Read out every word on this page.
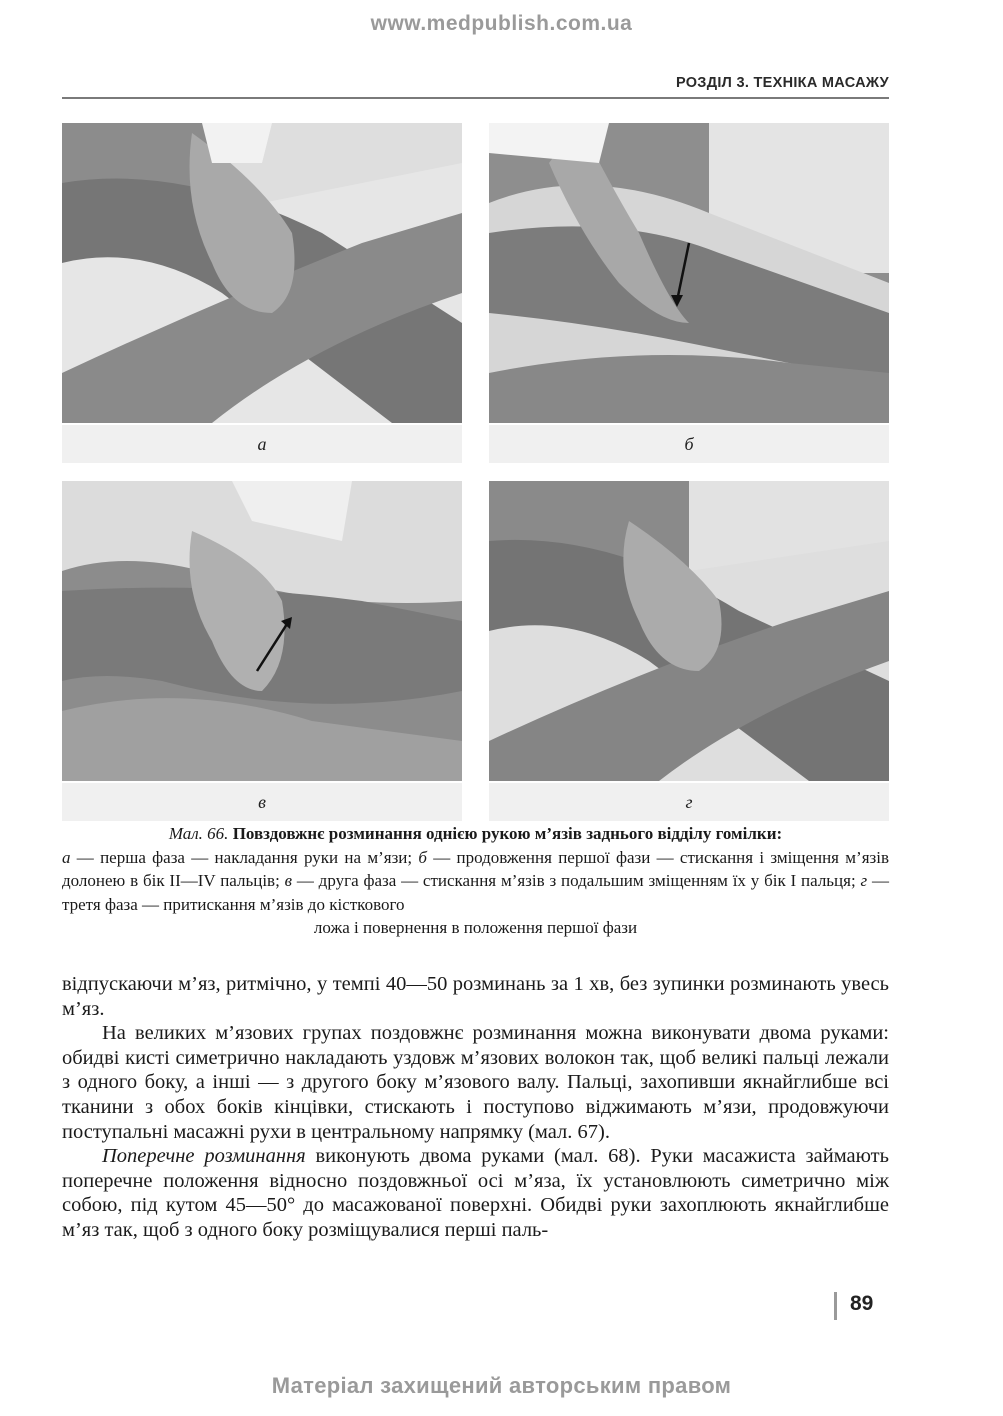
www.medpublish.com.ua
РОЗДІЛ 3. ТЕХНІКА МАСАЖУ
а	б
в	г
Мал. 66. Повздовжнє розминання однією рукою м’язів заднього відділу гомілки:
а — перша фаза — накладання руки на м’язи; б — продовження першої фази — стискання і зміщення м’язів долонею в бік II—IV пальців; в — друга фаза — стискання м’язів з подальшим зміщенням їх у бік I пальця; г — третя фаза — притискання м’язів до кісткового
ложа і повернення в положення першої фази

відпускаючи м’яз, ритмічно, у темпі 40—50 розминань за 1 хв, без зупинки розминають увесь м’яз.

На великих м’язових групах поздовжнє розминання можна виконувати двома руками: обидві кисті симетрично накладають уздовж м’язових волокон так, щоб великі пальці лежали з одного боку, а інші — з другого боку м’язового валу. Пальці, захопивши якнайглибше всі тканини з обох боків кінцівки, стискають і поступово віджимають м’язи, продовжуючи поступальні масажні рухи в центральному напрямку (мал. 67).

Поперечне розминання виконують двома руками (мал. 68). Руки масажиста займають поперечне положення відносно поздовжньої осі м’яза, їх установлюють симетрично між собою, під кутом 45—50° до масажованої поверхні. Обидві руки захоплюють якнайглибше м’яз так, щоб з одного боку розміщувалися перші паль-

89
Матеріал захищений авторським правом
